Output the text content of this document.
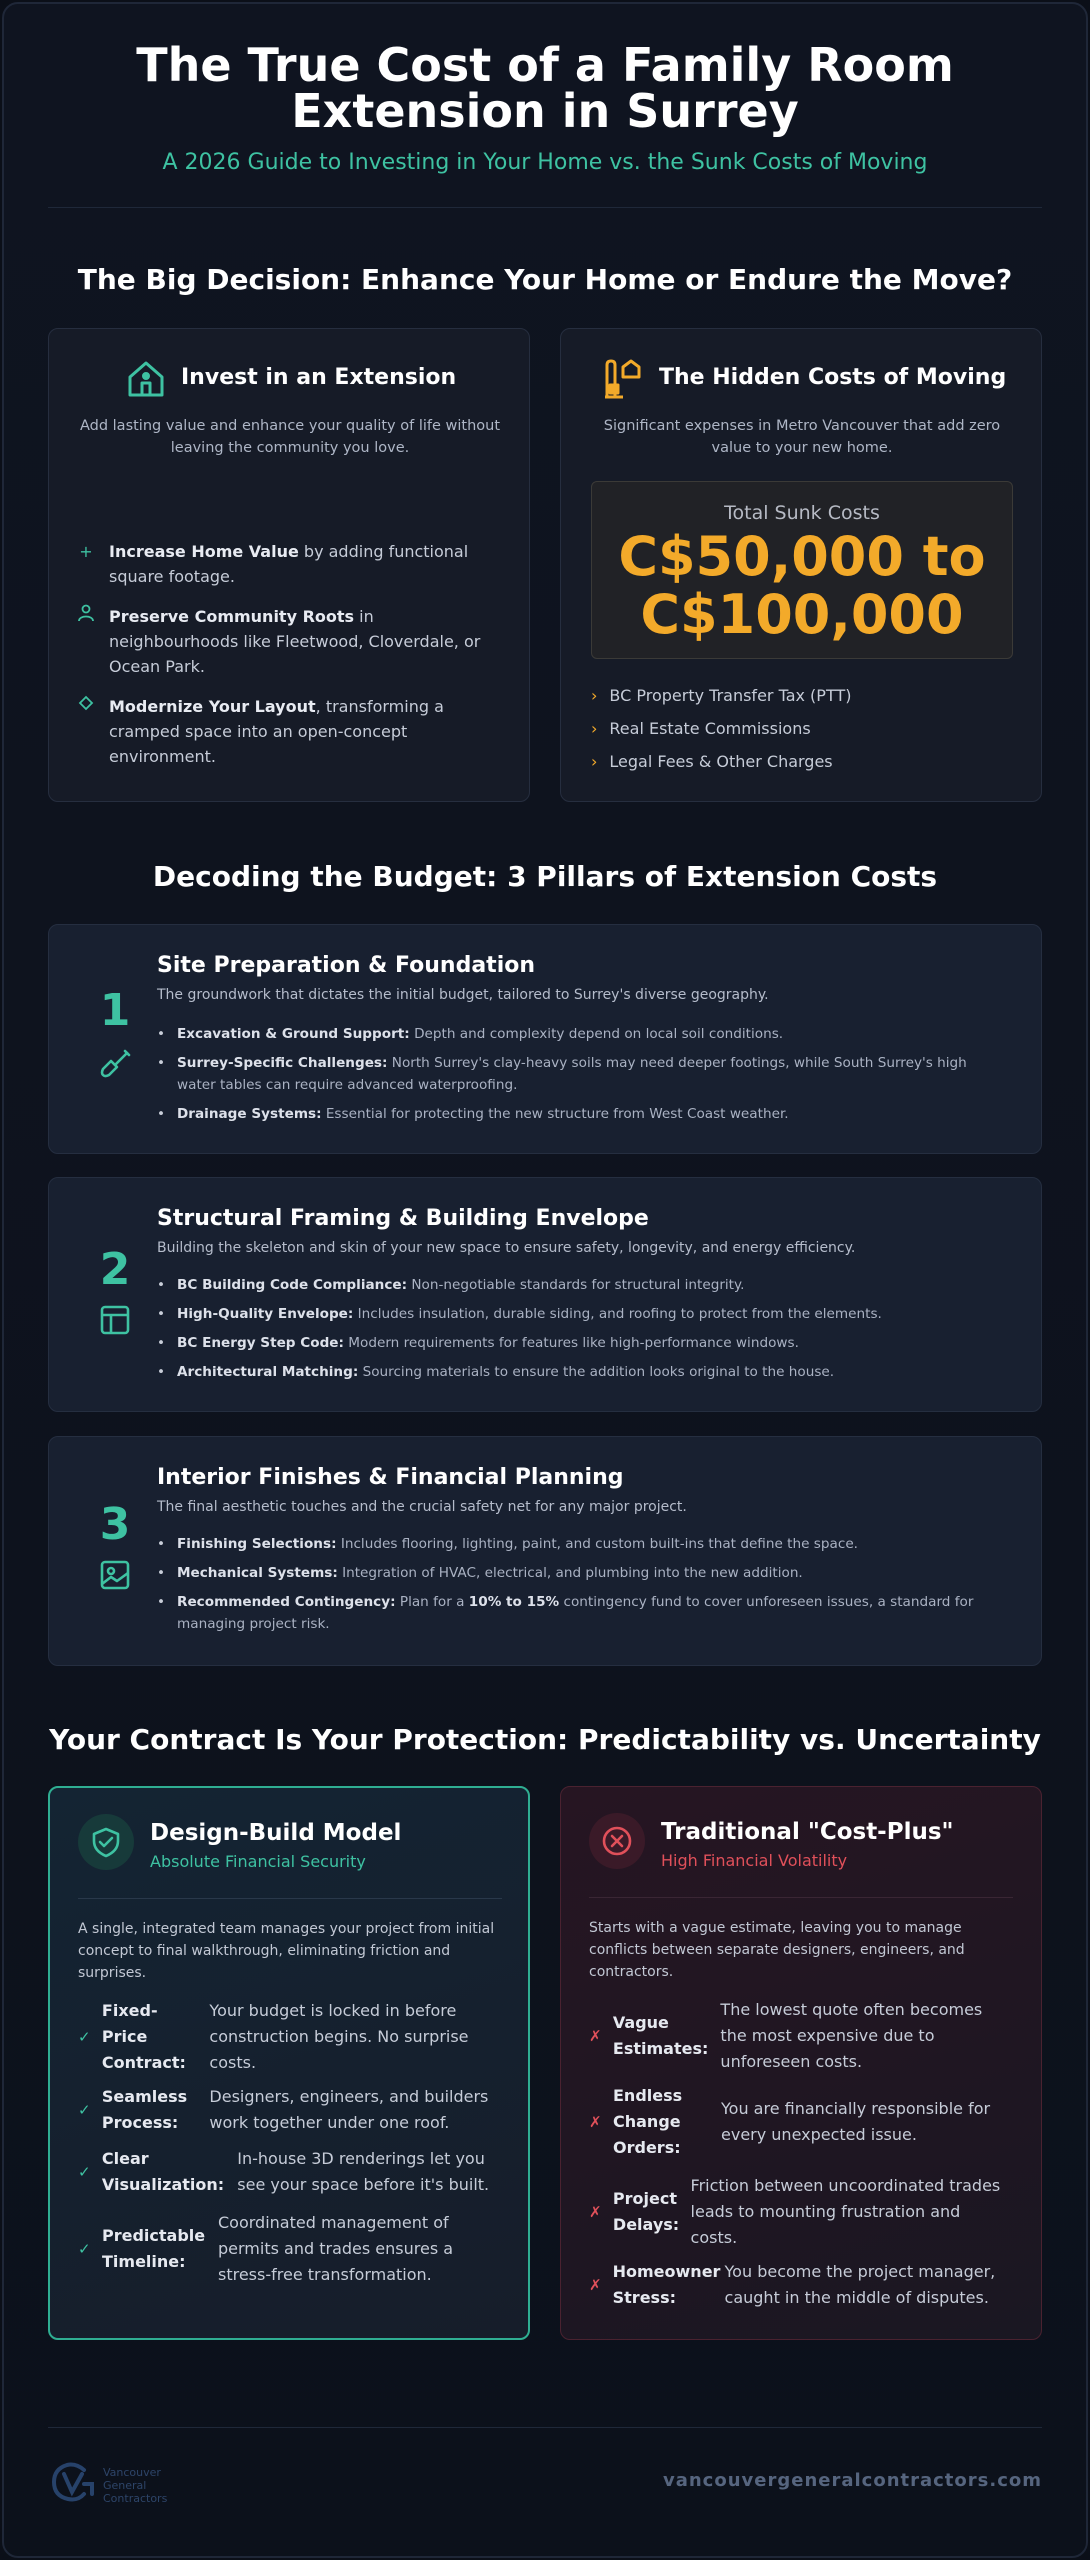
The True Cost of a Family Room Extension in Surrey
A 2026 Guide to Investing in Your Home vs. the Sunk Costs of Moving
The Big Decision: Enhance Your Home or Endure the Move?
Invest in an Extension
Add lasting value and enhance your quality of life without leaving the community you love.
+ Increase Home Value by adding functional square footage.
Preserve Community Roots in neighbourhoods like Fleetwood, Cloverdale, or Ocean Park.
Modernize Your Layout, transforming a cramped space into an open-concept environment.
The Hidden Costs of Moving
Significant expenses in Metro Vancouver that add zero value to your new home.
Total Sunk Costs
C$50,000 to
C$100,000
› BC Property Transfer Tax (PTT)
› Real Estate Commissions
› Legal Fees & Other Charges
Decoding the Budget: 3 Pillars of Extension Costs
1
Site Preparation & Foundation
The groundwork that dictates the initial budget, tailored to Surrey's diverse geography.
• Excavation & Ground Support: Depth and complexity depend on local soil conditions.
• Surrey-Specific Challenges: North Surrey's clay-heavy soils may need deeper footings, while South Surrey's high water tables can require advanced waterproofing.
• Drainage Systems: Essential for protecting the new structure from West Coast weather.
2
Structural Framing & Building Envelope
Building the skeleton and skin of your new space to ensure safety, longevity, and energy efficiency.
• BC Building Code Compliance: Non-negotiable standards for structural integrity.
• High-Quality Envelope: Includes insulation, durable siding, and roofing to protect from the elements.
• BC Energy Step Code: Modern requirements for features like high-performance windows.
• Architectural Matching: Sourcing materials to ensure the addition looks original to the house.
3
Interior Finishes & Financial Planning
The final aesthetic touches and the crucial safety net for any major project.
• Finishing Selections: Includes flooring, lighting, paint, and custom built-ins that define the space.
• Mechanical Systems: Integration of HVAC, electrical, and plumbing into the new addition.
• Recommended Contingency: Plan for a 10% to 15% contingency fund to cover unforeseen issues, a standard for managing project risk.
Your Contract Is Your Protection: Predictability vs. Uncertainty
Design-Build Model
Absolute Financial Security
A single, integrated team manages your project from initial concept to final walkthrough, eliminating friction and surprises.
✓
Fixed-Price Contract:
Your budget is locked in before construction begins. No surprise costs.
✓
Seamless Process:
Designers, engineers, and builders work together under one roof.
✓
Clear Visualization:
In-house 3D renderings let you see your space before it's built.
✓
Predictable Timeline:
Coordinated management of permits and trades ensures a stress-free transformation.
Traditional "Cost-Plus"
High Financial Volatility
Starts with a vague estimate, leaving you to manage conflicts between separate designers, engineers, and contractors.
✗
Vague Estimates:
The lowest quote often becomes the most expensive due to unforeseen costs.
✗
Endless Change Orders:
You are financially responsible for every unexpected issue.
✗
Project Delays:
Friction between uncoordinated trades leads to mounting frustration and costs.
✗
Homeowner Stress:
You become the project manager, caught in the middle of disputes.
Vancouver
General
Contractors
vancouvergeneralcontractors.com
